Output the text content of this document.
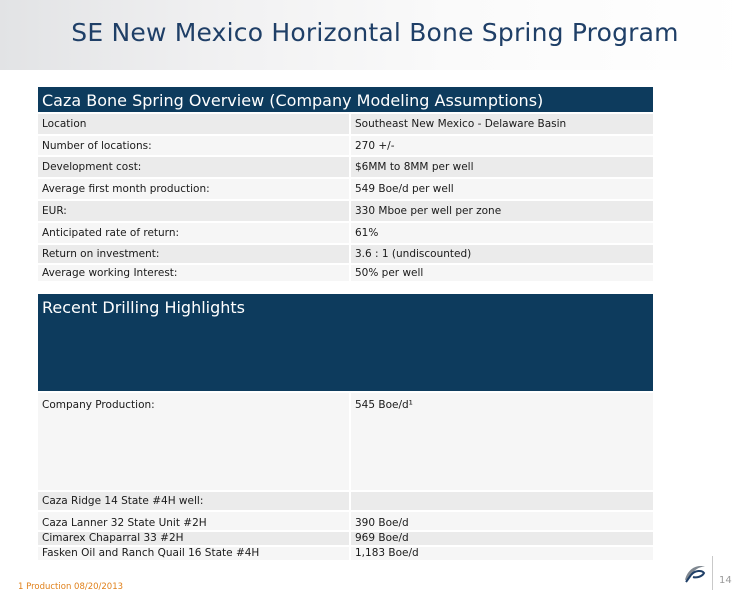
SE New Mexico Horizontal Bone Spring Program
Caza Bone Spring Overview (Company Modeling Assumptions)
Location	Southeast New Mexico - Delaware Basin
Number of locations:	270 +/-
Development cost:	$6MM to 8MM per well
Average first month production:	549 Boe/d per well
EUR:	330 Mboe per well per zone
Anticipated rate of return:	61%
Return on investment:	3.6 : 1 (undiscounted)
Average working Interest:	50% per well
Recent Drilling Highlights
Company Production:	545 Boe/d¹
Caza Ridge 14 State #4H well:	
Caza Lanner 32 State Unit #2H	390 Boe/d
Cimarex Chaparral 33 #2H	969 Boe/d
Fasken Oil and Ranch Quail 16 State #4H	1,183 Boe/d
1 Production 08/20/2013
14
